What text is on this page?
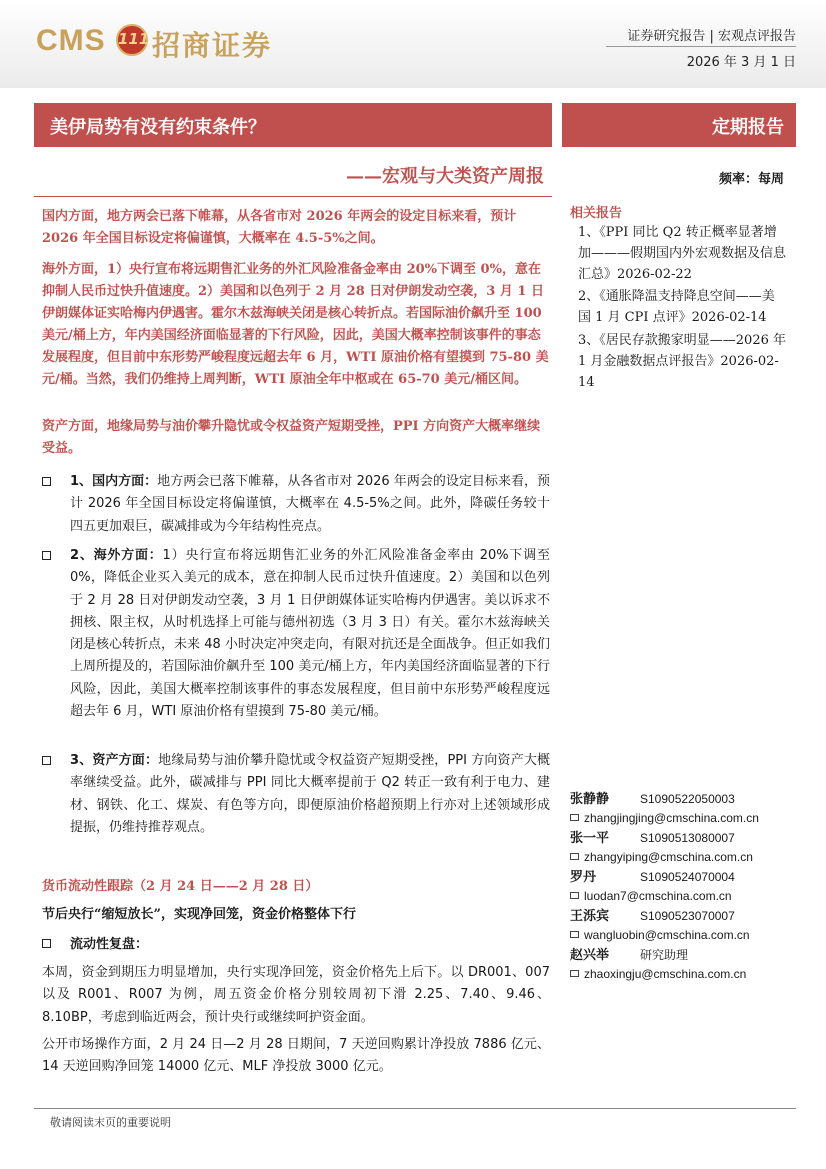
CMS 111 招商证券	证券研究报告 | 宏观点评报告
2026 年 3 月 1 日
美伊局势有没有约束条件？	定期报告
——宏观与大类资产周报	频率：每周
国内方面，地方两会已落下帷幕，从各省市对 2026 年两会的设定目标来看，预计 2026 年全国目标设定将偏谨慎，大概率在 4.5-5%之间。
海外方面，1）央行宣布将远期售汇业务的外汇风险准备金率由 20%下调至 0%，意在抑制人民币过快升值速度。2）美国和以色列于 2 月 28 日对伊朗发动空袭，3 月 1 日伊朗媒体证实哈梅内伊遇害。霍尔木兹海峡关闭是核心转折点。若国际油价飙升至 100 美元/桶上方，年内美国经济面临显著的下行风险，因此，美国大概率控制该事件的事态发展程度，但目前中东形势严峻程度远超去年 6 月，WTI 原油价格有望摸到 75-80 美元/桶。当然，我们仍维持上周判断，WTI 原油全年中枢或在 65-70 美元/桶区间。
资产方面，地缘局势与油价攀升隐忧或令权益资产短期受挫，PPI 方向资产大概率继续受益。
1、国内方面：地方两会已落下帷幕，从各省市对 2026 年两会的设定目标来看，预计 2026 年全国目标设定将偏谨慎，大概率在 4.5-5%之间。此外，降碳任务较十四五更加艰巨，碳减排或为今年结构性亮点。
2、海外方面：1）央行宣布将远期售汇业务的外汇风险准备金率由 20%下调至 0%，降低企业买入美元的成本，意在抑制人民币过快升值速度。2）美国和以色列于 2 月 28 日对伊朗发动空袭，3 月 1 日伊朗媒体证实哈梅内伊遇害。美以诉求不拥核、限主权，从时机选择上可能与德州初选（3 月 3 日）有关。霍尔木兹海峡关闭是核心转折点，未来 48 小时决定冲突走向，有限对抗还是全面战争。但正如我们上周所提及的，若国际油价飙升至 100 美元/桶上方，年内美国经济面临显著的下行风险，因此，美国大概率控制该事件的事态发展程度，但目前中东形势严峻程度远超去年 6 月，WTI 原油价格有望摸到 75-80 美元/桶。
3、资产方面：地缘局势与油价攀升隐忧或令权益资产短期受挫，PPI 方向资产大概率继续受益。此外，碳减排与 PPI 同比大概率提前于 Q2 转正一致有利于电力、建材、钢铁、化工、煤炭、有色等方向，即便原油价格超预期上行亦对上述领域形成提振，仍维持推荐观点。
相关报告
1、《PPI 同比 Q2 转正概率显著增加———假期国内外宏观数据及信息汇总》2026-02-22
2、《通胀降温支持降息空间——美国 1 月 CPI 点评》2026-02-14
3、《居民存款搬家明显——2026 年 1 月金融数据点评报告》2026-02-14
张静静	S1090522050003
zhangjingjing@cmschina.com.cn
张一平	S1090513080007
zhangyiping@cmschina.com.cn
罗丹	S1090524070004
luodan7@cmschina.com.cn
王泺宾	S1090523070007
wangluobin@cmschina.com.cn
赵兴举	研究助理
zhaoxingju@cmschina.com.cn
货币流动性跟踪（2 月 24 日——2 月 28 日）
节后央行“缩短放长”，实现净回笼，资金价格整体下行
流动性复盘：
本周，资金到期压力明显增加，央行实现净回笼，资金价格先上后下。以 DR001、007 以及 R001、R007 为例，周五资金价格分别较周初下滑 2.25、7.40、9.46、8.10BP，考虑到临近两会，预计央行或继续呵护资金面。
公开市场操作方面，2 月 24 日—2 月 28 日期间，7 天逆回购累计净投放 7886 亿元、14 天逆回购净回笼 14000 亿元、MLF 净投放 3000 亿元。
敬请阅读末页的重要说明
